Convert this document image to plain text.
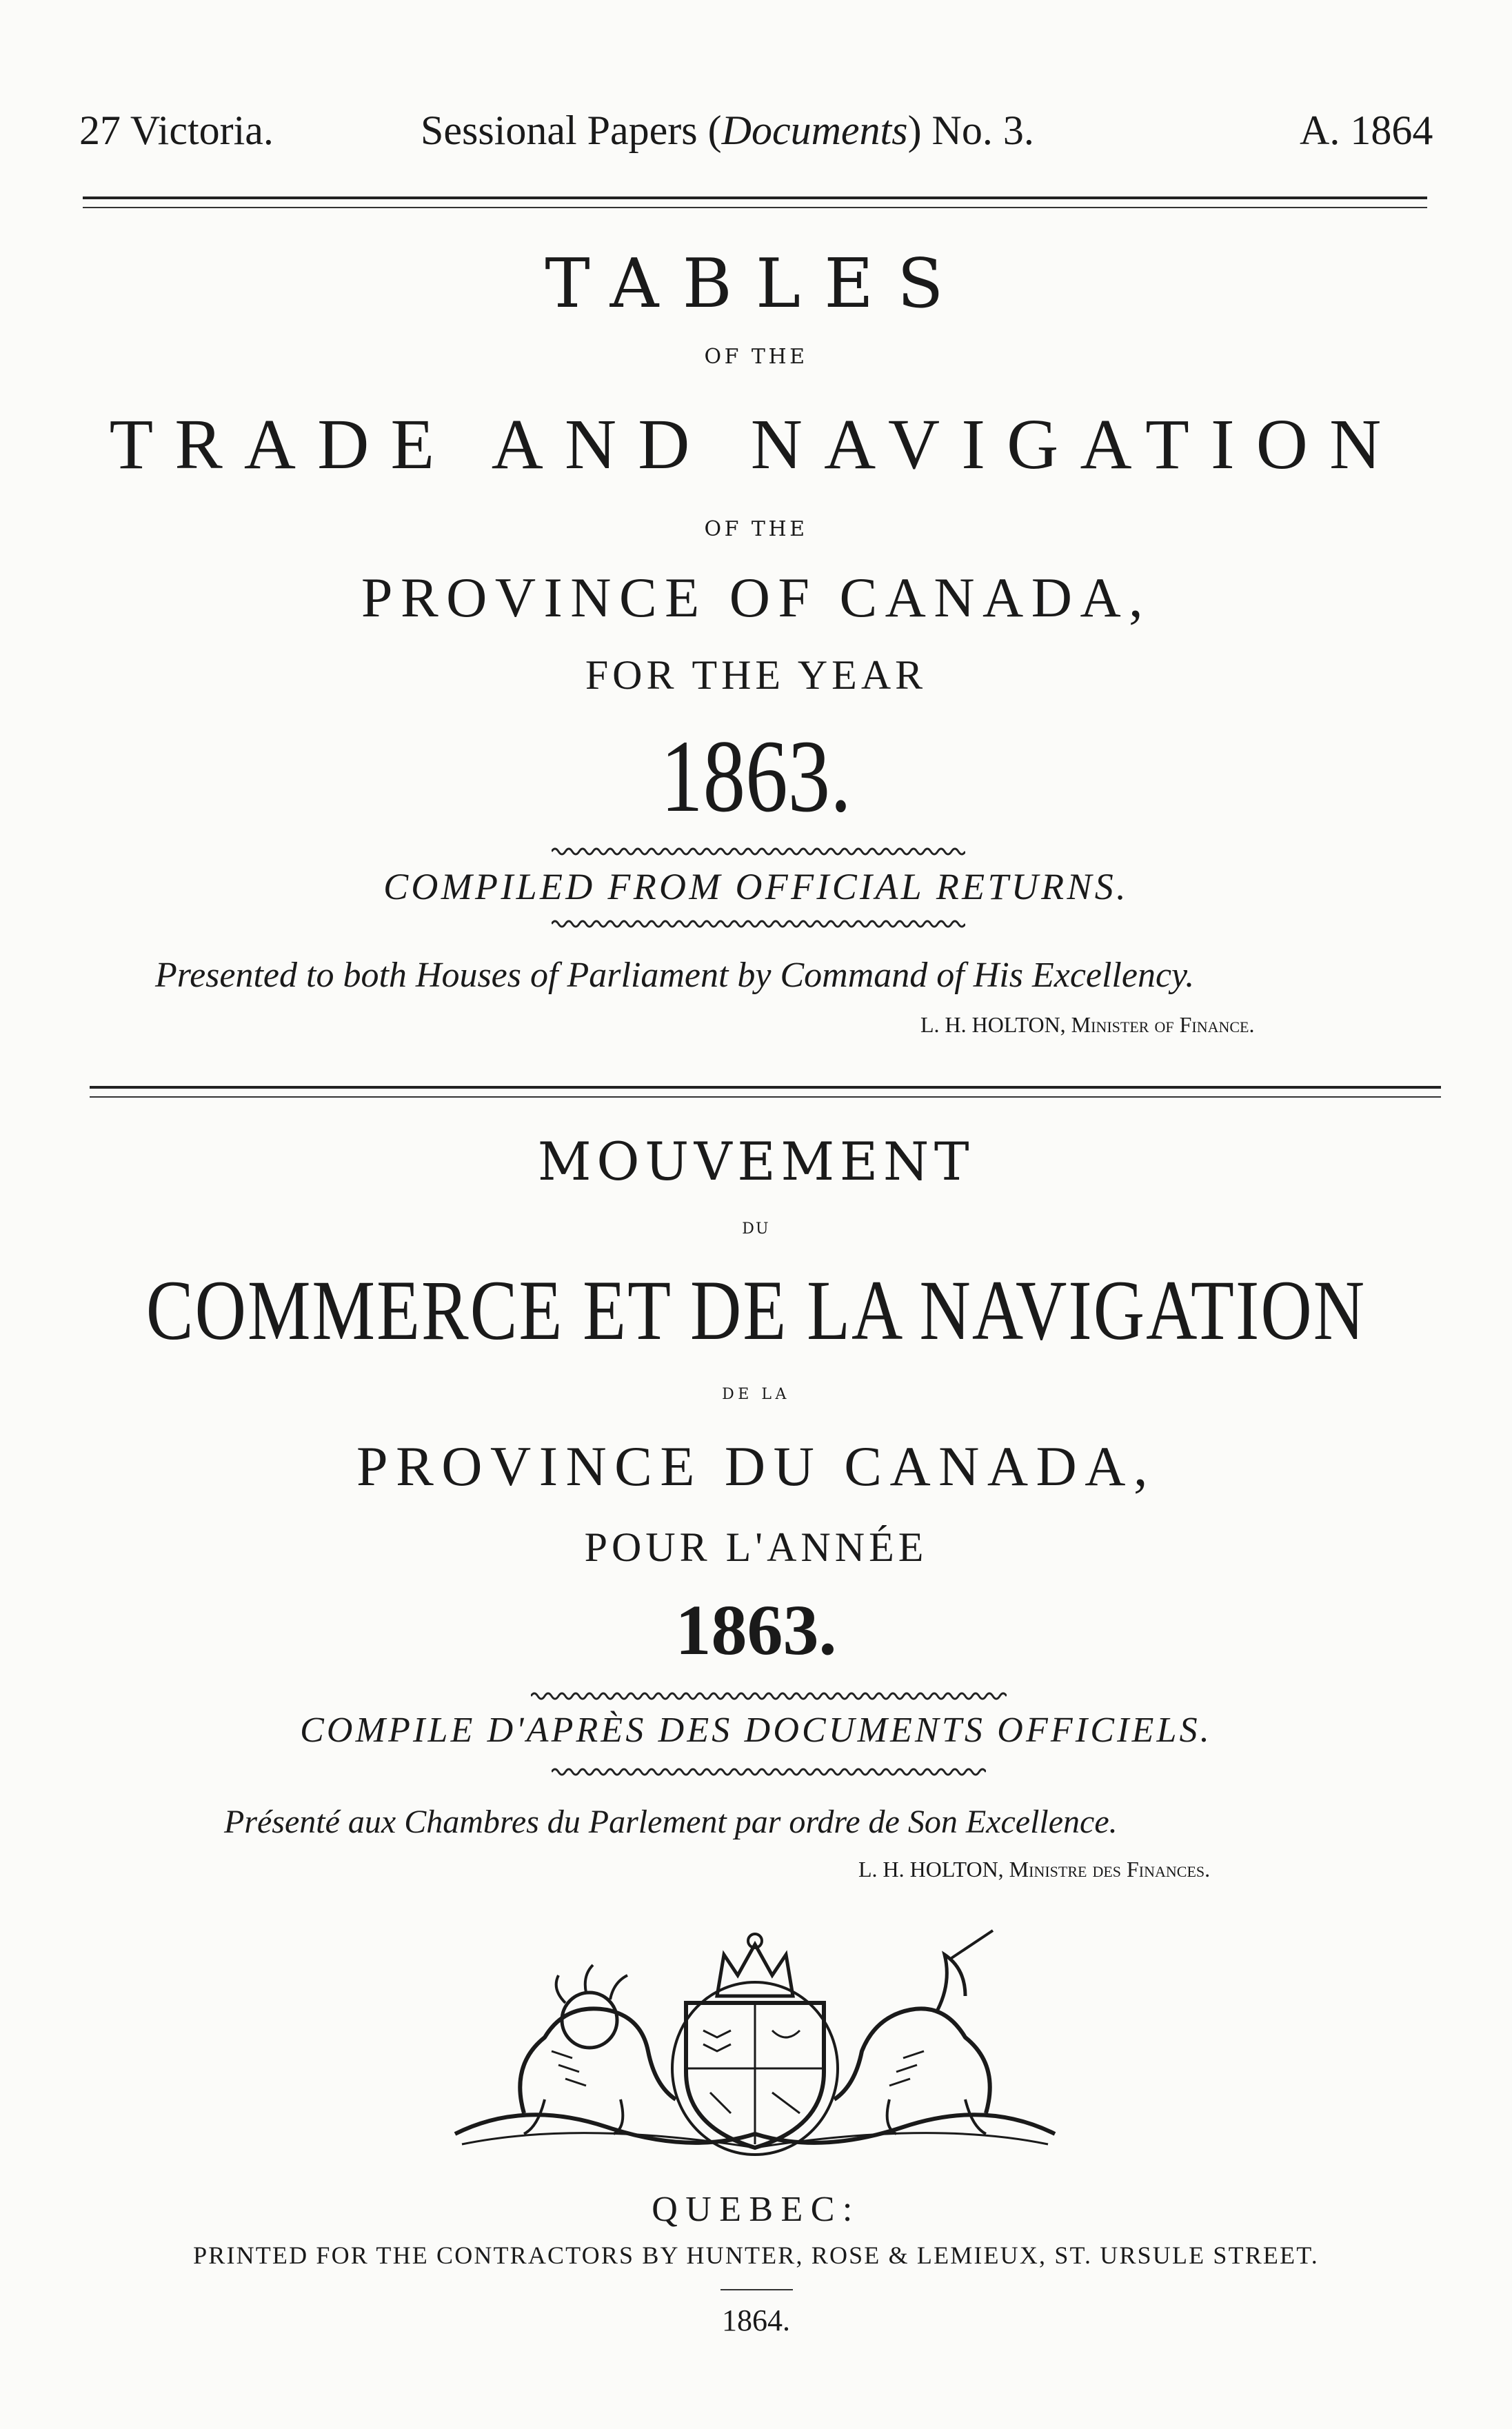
27 Victoria.	Sessional Papers (Documents) No. 3.	A. 1864
TABLES
OF THE
TRADE AND NAVIGATION
OF THE
PROVINCE OF CANADA,
FOR THE YEAR
1863.
COMPILED FROM OFFICIAL RETURNS.
Presented to both Houses of Parliament by Command of His Excellency.
L. H. HOLTON, Minister of Finance.
MOUVEMENT
DU
COMMERCE ET DE LA NAVIGATION
DE LA
PROVINCE DU CANADA,
POUR L'ANNÉE
1863.
COMPILE D'APRÈS DES DOCUMENTS OFFICIELS.
Présenté aux Chambres du Parlement par ordre de Son Excellence.
L. H. HOLTON, Ministre des Finances.
QUEBEC:
PRINTED FOR THE CONTRACTORS BY HUNTER, ROSE & LEMIEUX, ST. URSULE STREET.
1864.
